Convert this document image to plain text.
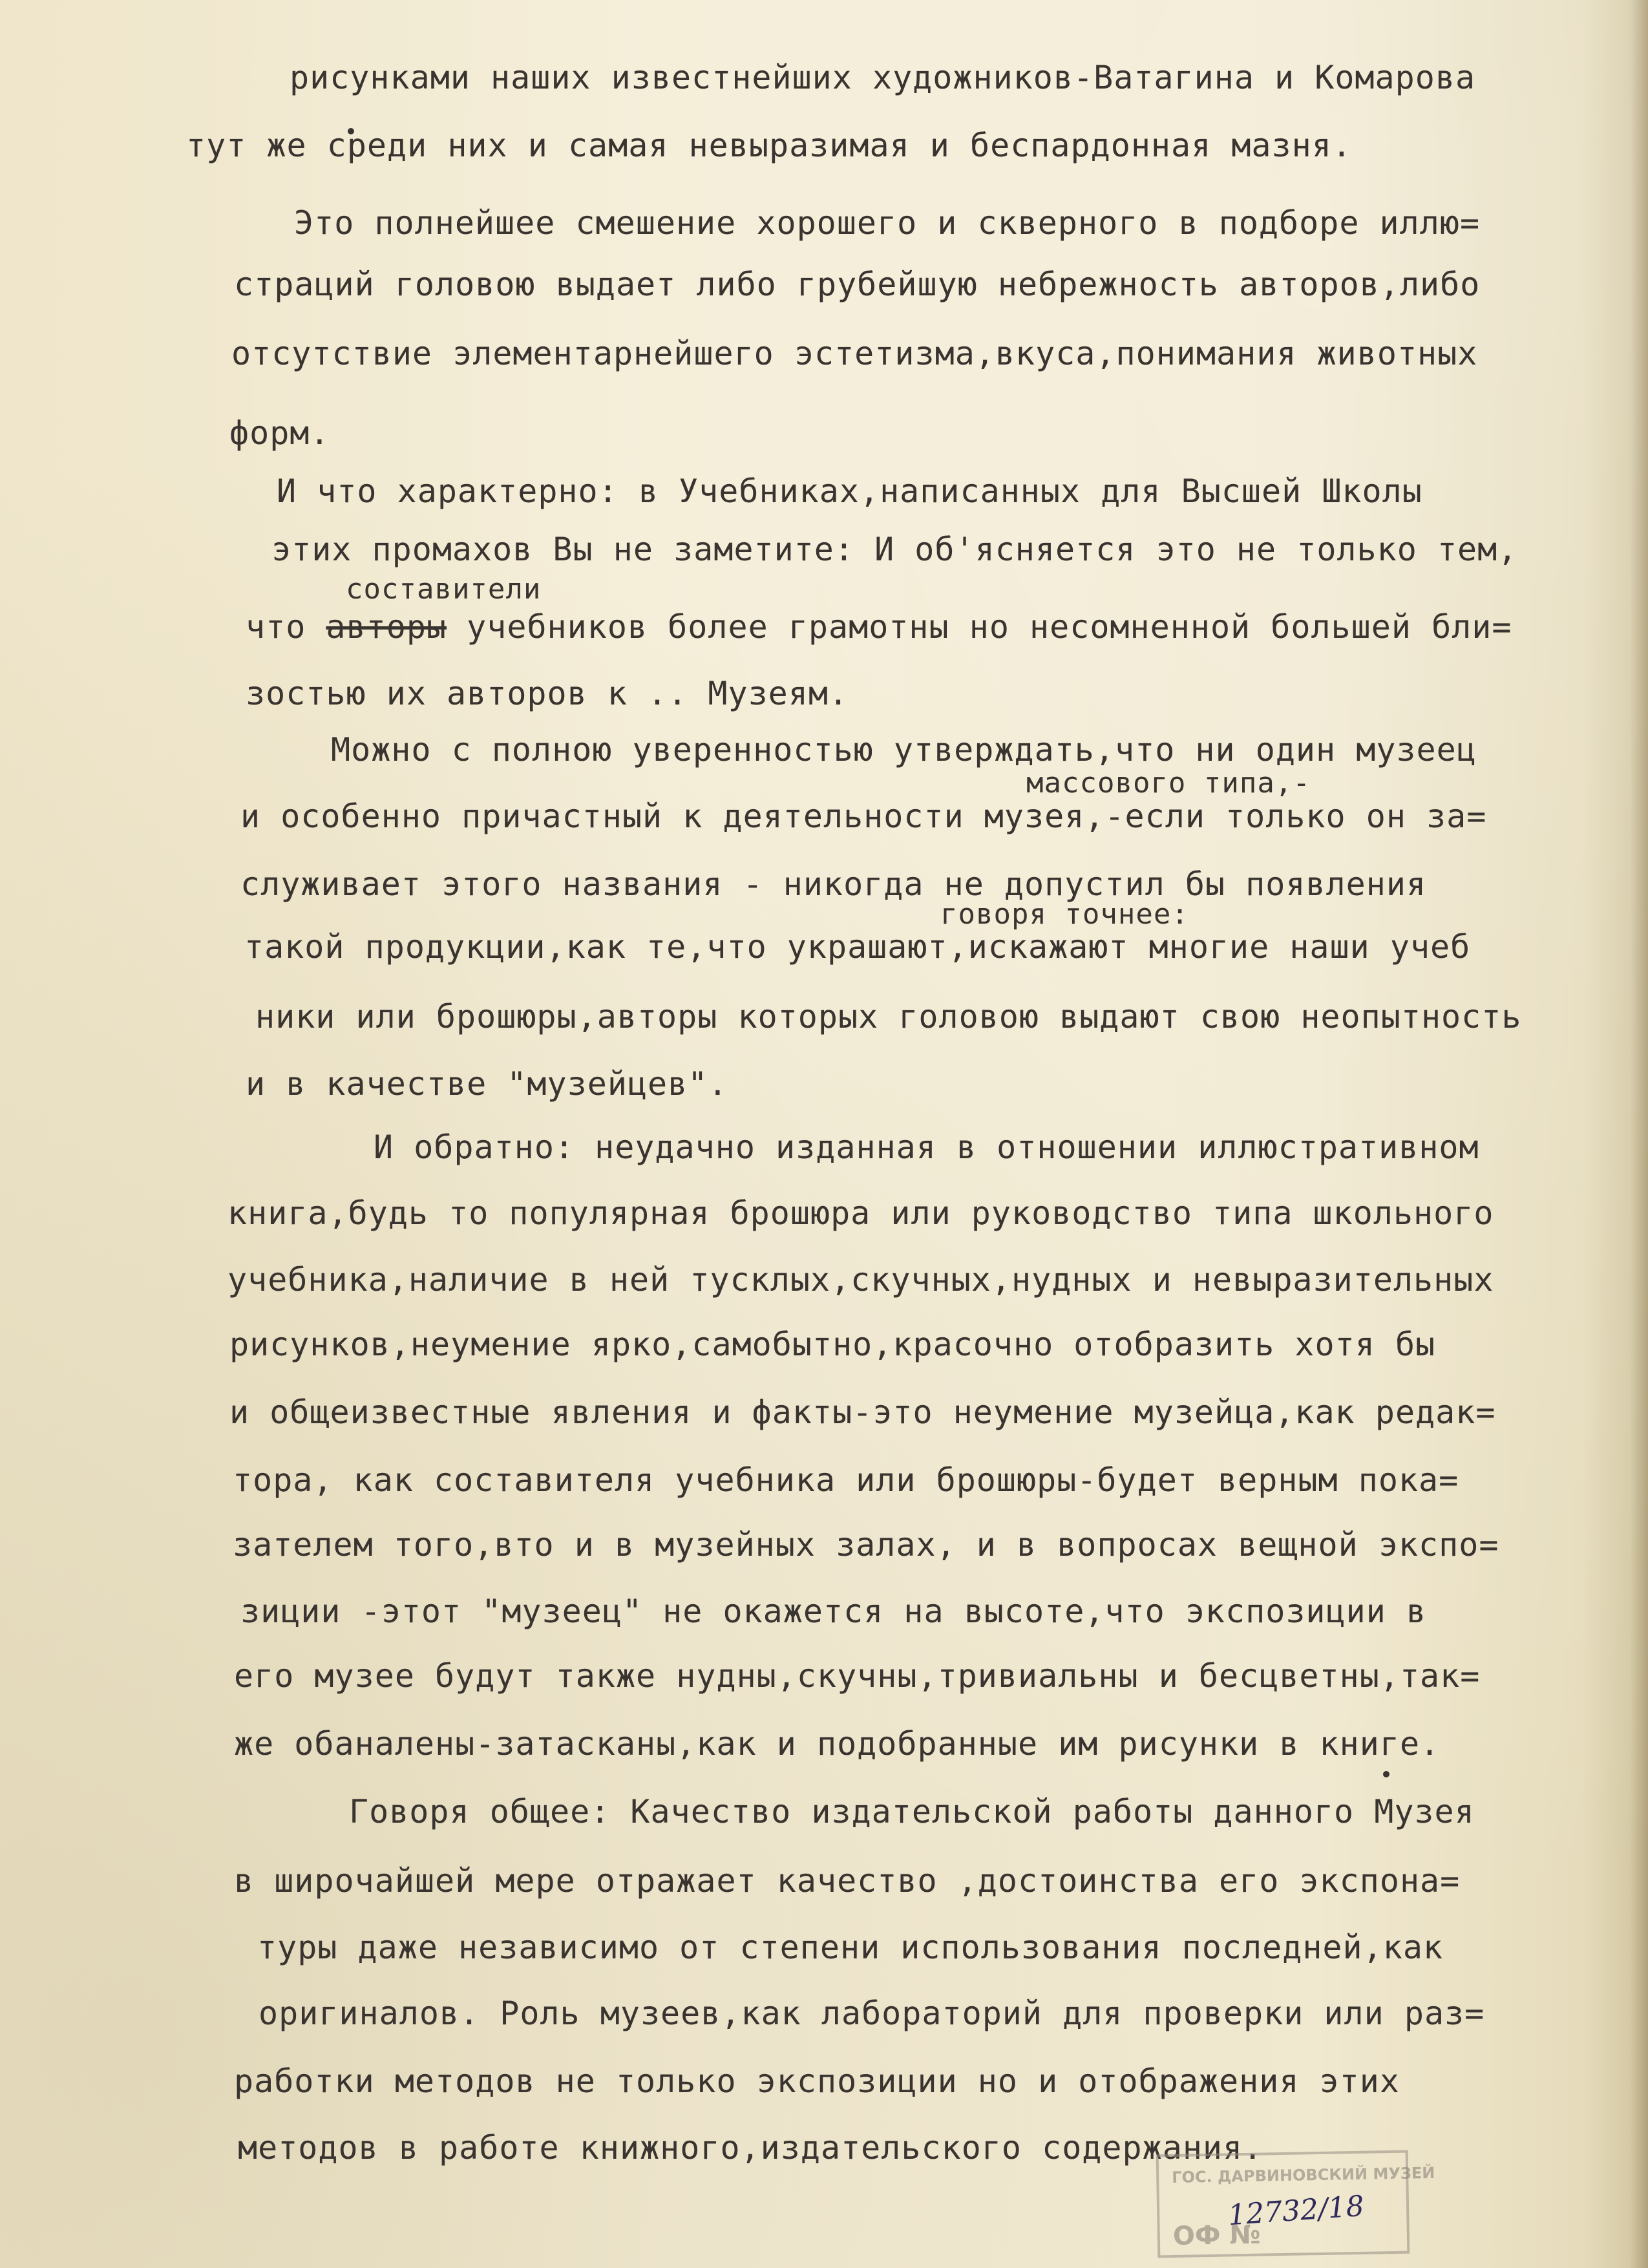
рисунками наших известнейших художников-Ватагина и Комарова
тут же среди них и самая невыразимая и беспардонная мазня.
Это полнейшее смешение хорошего и скверного в подборе иллю=
страций головою выдает либо грубейшую небрежность авторов,либо
отсутствие элементарнейшего эстетизма,вкуса,понимания животных
форм.
И что характерно: в Учебниках,написанных для Высшей Школы
этих промахов Вы не заметите: И об'ясняется это не только тем,
составители
что авторы учебников более грамотны но несомненной большей бли=
зостью их авторов к .. Музеям.
Можно с полною уверенностью утверждать,что ни один музеец
массового типа,-
и особенно причастный к деятельности музея,-если только он за=
служивает этого названия - никогда не допустил бы появления
говоря точнее:
такой продукции,как те,что украшают,искажают многие наши учеб
ники или брошюры,авторы которых головою выдают свою неопытность
и в качестве "музейцев".
И обратно: неудачно изданная в отношении иллюстративном
книга,будь то популярная брошюра или руководство типа школьного
учебника,наличие в ней тусклых,скучных,нудных и невыразительных
рисунков,неумение ярко,самобытно,красочно отобразить хотя бы
и общеизвестные явления и факты-это неумение музейца,как редак=
тора, как составителя учебника или брошюры-будет верным пока=
зателем того,вто и в музейных залах, и в вопросах вещной экспо=
зиции -этот "музеец" не окажется на высоте,что экспозиции в
его музее будут также нудны,скучны,тривиальны и бесцветны,так=
же обаналены-затасканы,как и подобранные им рисунки в книге.
Говоря общее: Качество издательской работы данного Музея
в широчайшей мере отражает качество ,достоинства его экспона=
туры даже независимо от степени использования последней,как
оригиналов. Роль музеев,как лабораторий для проверки или раз=
работки методов не только экспозиции но и отображения этих
методов в работе книжного,издательского содержания.
ГОС. ДАРВИНОВСКИЙ МУЗЕЙ
ОФ №
12732/18
